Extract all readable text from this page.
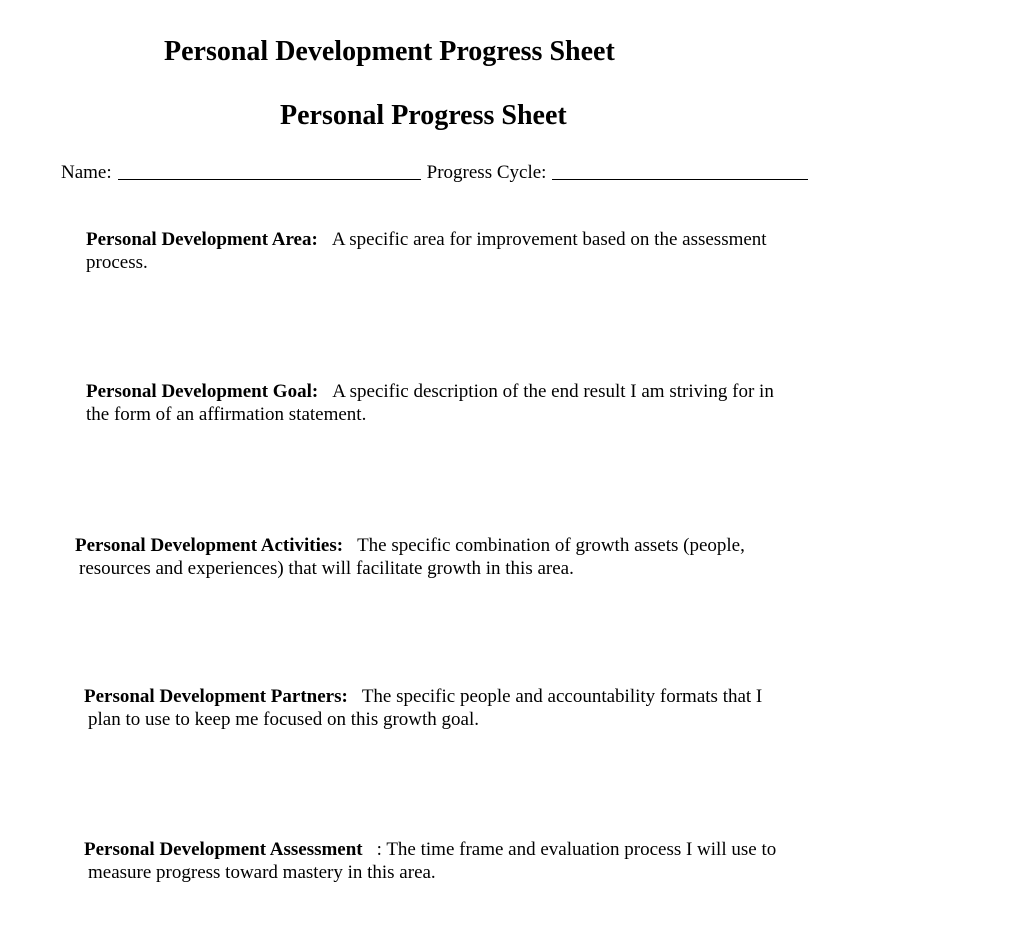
Personal Development Progress Sheet
Personal Progress Sheet
Name:	Progress Cycle:
Personal Development Area: A specific area for improvement based on the assessment
process.
Personal Development Goal: A specific description of the end result I am striving for in
the form of an affirmation statement.
Personal Development Activities: The specific combination of growth assets (people,
resources and experiences) that will facilitate growth in this area.
Personal Development Partners: The specific people and accountability formats that I
plan to use to keep me focused on this growth goal.
Personal Development Assessment : The time frame and evaluation process I will use to
measure progress toward mastery in this area.
